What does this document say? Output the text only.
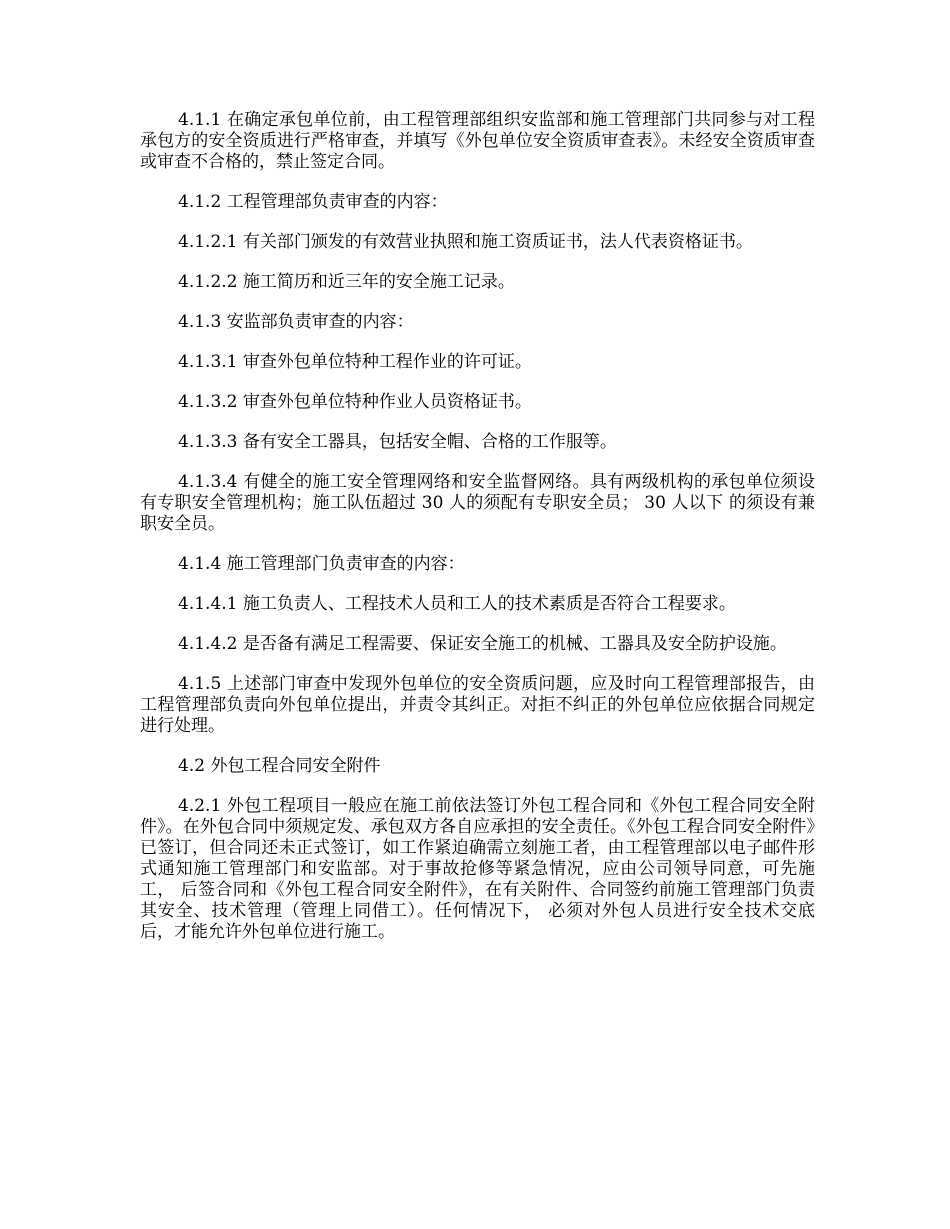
4.1.1 在确定承包单位前，由工程管理部组织安监部和施工管理部门共同参与对工程承包方的安全资质进行严格审查，并填写《外包单位安全资质审查表》。未经安全资质审查或审查不合格的，禁止签定合同。

4.1.2 工程管理部负责审查的内容：

4.1.2.1 有关部门颁发的有效营业执照和施工资质证书，法人代表资格证书。

4.1.2.2 施工简历和近三年的安全施工记录。

4.1.3 安监部负责审查的内容：

4.1.3.1 审查外包单位特种工程作业的许可证。

4.1.3.2 审查外包单位特种作业人员资格证书。

4.1.3.3 备有安全工器具，包括安全帽、合格的工作服等。

4.1.3.4 有健全的施工安全管理网络和安全监督网络。具有两级机构的承包单位须设有专职安全管理机构；施工队伍超过 30 人的须配有专职安全员； 30 人以下 的须设有兼职安全员。

4.1.4 施工管理部门负责审查的内容：

4.1.4.1 施工负责人、工程技术人员和工人的技术素质是否符合工程要求。

4.1.4.2 是否备有满足工程需要、保证安全施工的机械、工器具及安全防护设施。

4.1.5 上述部门审查中发现外包单位的安全资质问题，应及时向工程管理部报告，由工程管理部负责向外包单位提出，并责令其纠正。对拒不纠正的外包单位应依据合同规定进行处理。

4.2 外包工程合同安全附件

4.2.1 外包工程项目一般应在施工前依法签订外包工程合同和《外包工程合同安全附件》。在外包合同中须规定发、承包双方各自应承担的安全责任。《外包工程合同安全附件》已签订，但合同还未正式签订，如工作紧迫确需立刻施工者，由工程管理部以电子邮件形式通知施工管理部门和安监部。对于事故抢修等紧急情况，应由公司领导同意，可先施工， 后签合同和《外包工程合同安全附件》，在有关附件、合同签约前施工管理部门负责其安全、技术管理（管理上同借工）。任何情况下， 必须对外包人员进行安全技术交底后，才能允许外包单位进行施工。
